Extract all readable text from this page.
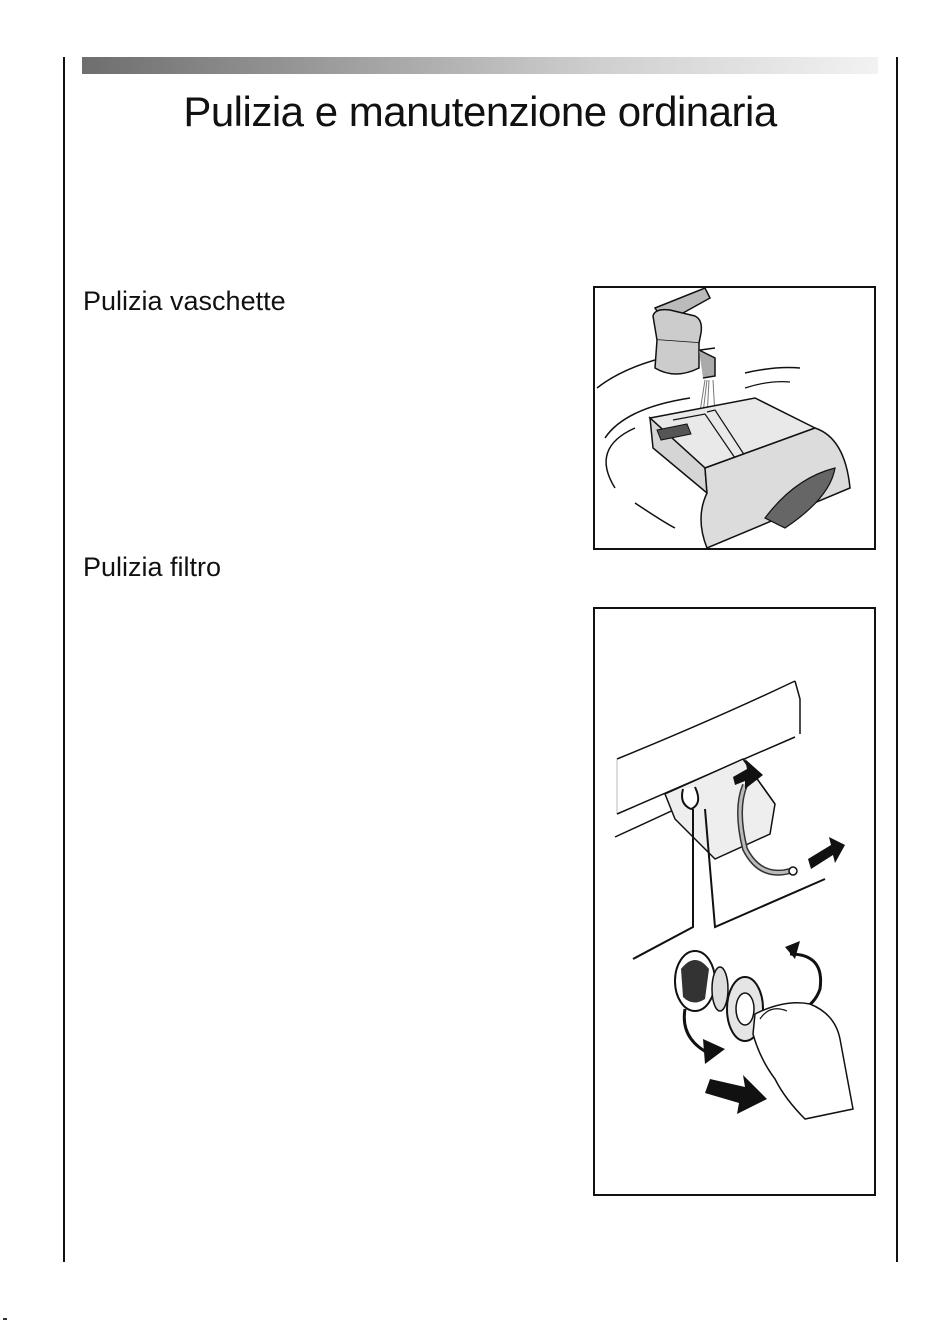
Pulizia e manutenzione ordinaria
Pulizia vaschette
Pulizia filtro
